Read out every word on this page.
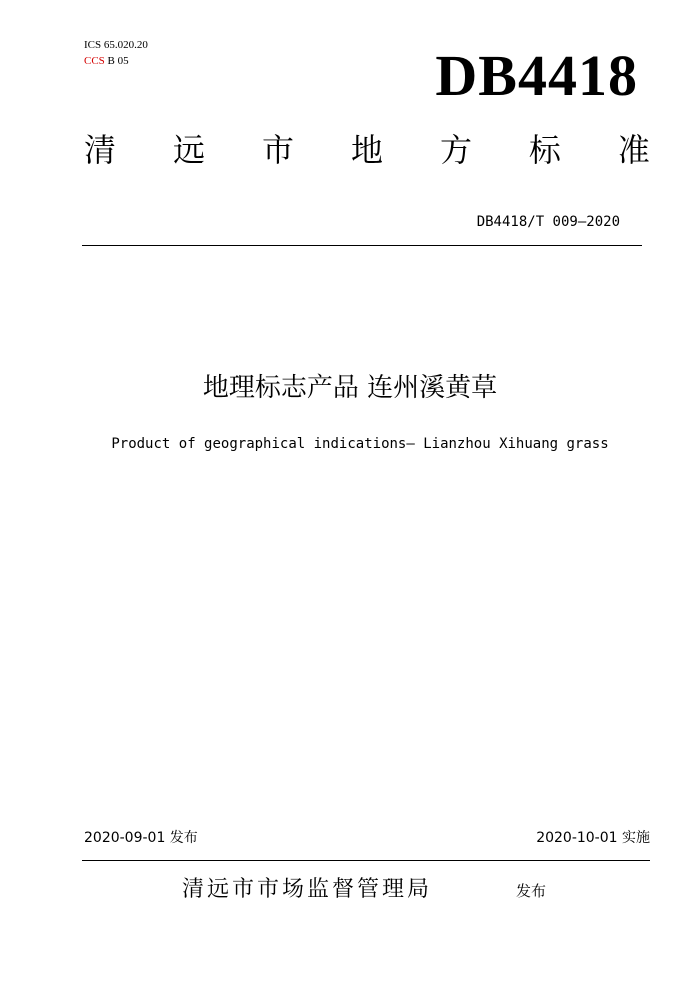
ICS 65.020.20
CCS B 05	DB4418
清 远 市 地 方 标 准
DB4418/T 009—2020
地理标志产品 连州溪黄草
Product of geographical indications— Lianzhou Xihuang grass
2020-09-01 发布	2020-10-01 实施
清远市市场监督管理局	发布
